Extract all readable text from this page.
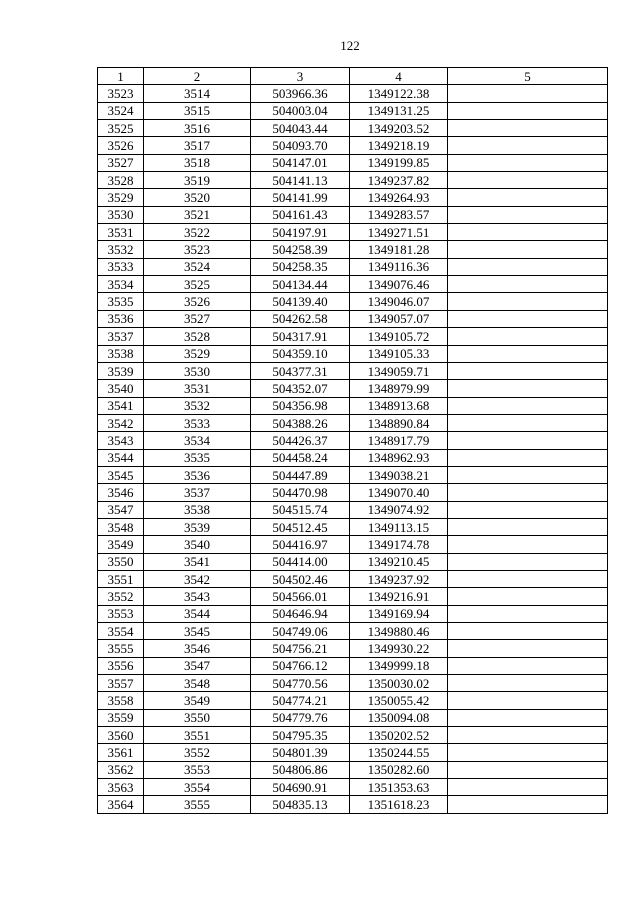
122
1	2	3	4	5
3523	3514	503966.36	1349122.38	
3524	3515	504003.04	1349131.25	
3525	3516	504043.44	1349203.52	
3526	3517	504093.70	1349218.19	
3527	3518	504147.01	1349199.85	
3528	3519	504141.13	1349237.82	
3529	3520	504141.99	1349264.93	
3530	3521	504161.43	1349283.57	
3531	3522	504197.91	1349271.51	
3532	3523	504258.39	1349181.28	
3533	3524	504258.35	1349116.36	
3534	3525	504134.44	1349076.46	
3535	3526	504139.40	1349046.07	
3536	3527	504262.58	1349057.07	
3537	3528	504317.91	1349105.72	
3538	3529	504359.10	1349105.33	
3539	3530	504377.31	1349059.71	
3540	3531	504352.07	1348979.99	
3541	3532	504356.98	1348913.68	
3542	3533	504388.26	1348890.84	
3543	3534	504426.37	1348917.79	
3544	3535	504458.24	1348962.93	
3545	3536	504447.89	1349038.21	
3546	3537	504470.98	1349070.40	
3547	3538	504515.74	1349074.92	
3548	3539	504512.45	1349113.15	
3549	3540	504416.97	1349174.78	
3550	3541	504414.00	1349210.45	
3551	3542	504502.46	1349237.92	
3552	3543	504566.01	1349216.91	
3553	3544	504646.94	1349169.94	
3554	3545	504749.06	1349880.46	
3555	3546	504756.21	1349930.22	
3556	3547	504766.12	1349999.18	
3557	3548	504770.56	1350030.02	
3558	3549	504774.21	1350055.42	
3559	3550	504779.76	1350094.08	
3560	3551	504795.35	1350202.52	
3561	3552	504801.39	1350244.55	
3562	3553	504806.86	1350282.60	
3563	3554	504690.91	1351353.63	
3564	3555	504835.13	1351618.23	
